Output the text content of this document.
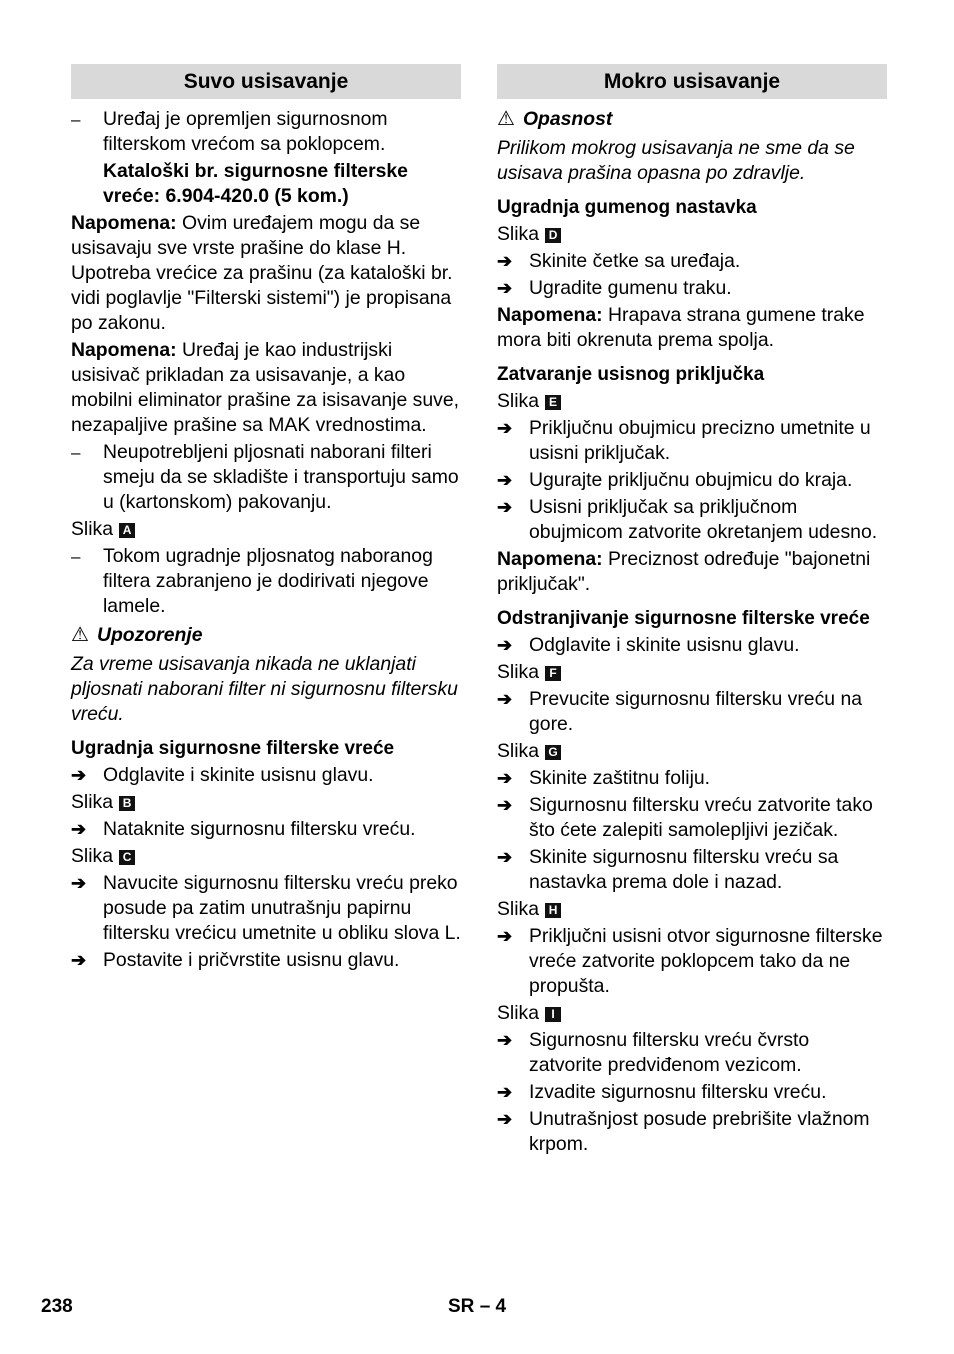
Suvo usisavanje
–	Uređaj je opremljen sigurnosnom filterskom vrećom sa poklopcem.
Kataloški br. sigurnosne filterske vreće: 6.904-420.0 (5 kom.)
Napomena: Ovim uređajem mogu da se usisavaju sve vrste prašine do klase H. Upotreba vrećice za prašinu (za kataloški br. vidi poglavlje "Filterski sistemi") je propisana po zakonu.
Napomena: Uređaj je kao industrijski usisivač prikladan za usisavanje, a kao mobilni eliminator prašine za isisavanje suve, nezapaljive prašine sa MAK vrednostima.
–	Neupotrebljeni pljosnati naborani filteri smeju da se skladište i transportuju samo u (kartonskom) pakovanju.
Slika A
–	Tokom ugradnje pljosnatog naboranog filtera zabranjeno je dodirivati njegove lamele.
⚠ Upozorenje
Za vreme usisavanja nikada ne uklanjati pljosnati naborani filter ni sigurnosnu filtersku vreću.
Ugradnja sigurnosne filterske vreće
➔ Odglavite i skinite usisnu glavu.
Slika B
➔ Nataknite sigurnosnu filtersku vreću.
Slika C
➔ Navucite sigurnosnu filtersku vreću preko posude pa zatim unutrašnju papirnu filtersku vrećicu umetnite u obliku slova L.
➔ Postavite i pričvrstite usisnu glavu.
Mokro usisavanje
⚠ Opasnost
Prilikom mokrog usisavanja ne sme da se usisava prašina opasna po zdravlje.
Ugradnja gumenog nastavka
Slika D
➔ Skinite četke sa uređaja.
➔ Ugradite gumenu traku.
Napomena: Hrapava strana gumene trake mora biti okrenuta prema spolja.
Zatvaranje usisnog priključka
Slika E
➔ Priključnu obujmicu precizno umetnite u usisni priključak.
➔ Ugurajte priključnu obujmicu do kraja.
➔ Usisni priključak sa priključnom obujmicom zatvorite okretanjem udesno.
Napomena: Preciznost određuje "bajonetni priključak".
Odstranjivanje sigurnosne filterske vreće
➔ Odglavite i skinite usisnu glavu.
Slika F
➔ Prevucite sigurnosnu filtersku vreću na gore.
Slika G
➔ Skinite zaštitnu foliju.
➔ Sigurnosnu filtersku vreću zatvorite tako što ćete zalepiti samolepljivi jezičak.
➔ Skinite sigurnosnu filtersku vreću sa nastavka prema dole i nazad.
Slika H
➔ Priključni usisni otvor sigurnosne filterske vreće zatvorite poklopcem tako da ne propušta.
Slika I
➔ Sigurnosnu filtersku vreću čvrsto zatvorite predviđenom vezicom.
➔ Izvadite sigurnosnu filtersku vreću.
➔ Unutrašnjost posude prebrišite vlažnom krpom.
238	SR – 4
